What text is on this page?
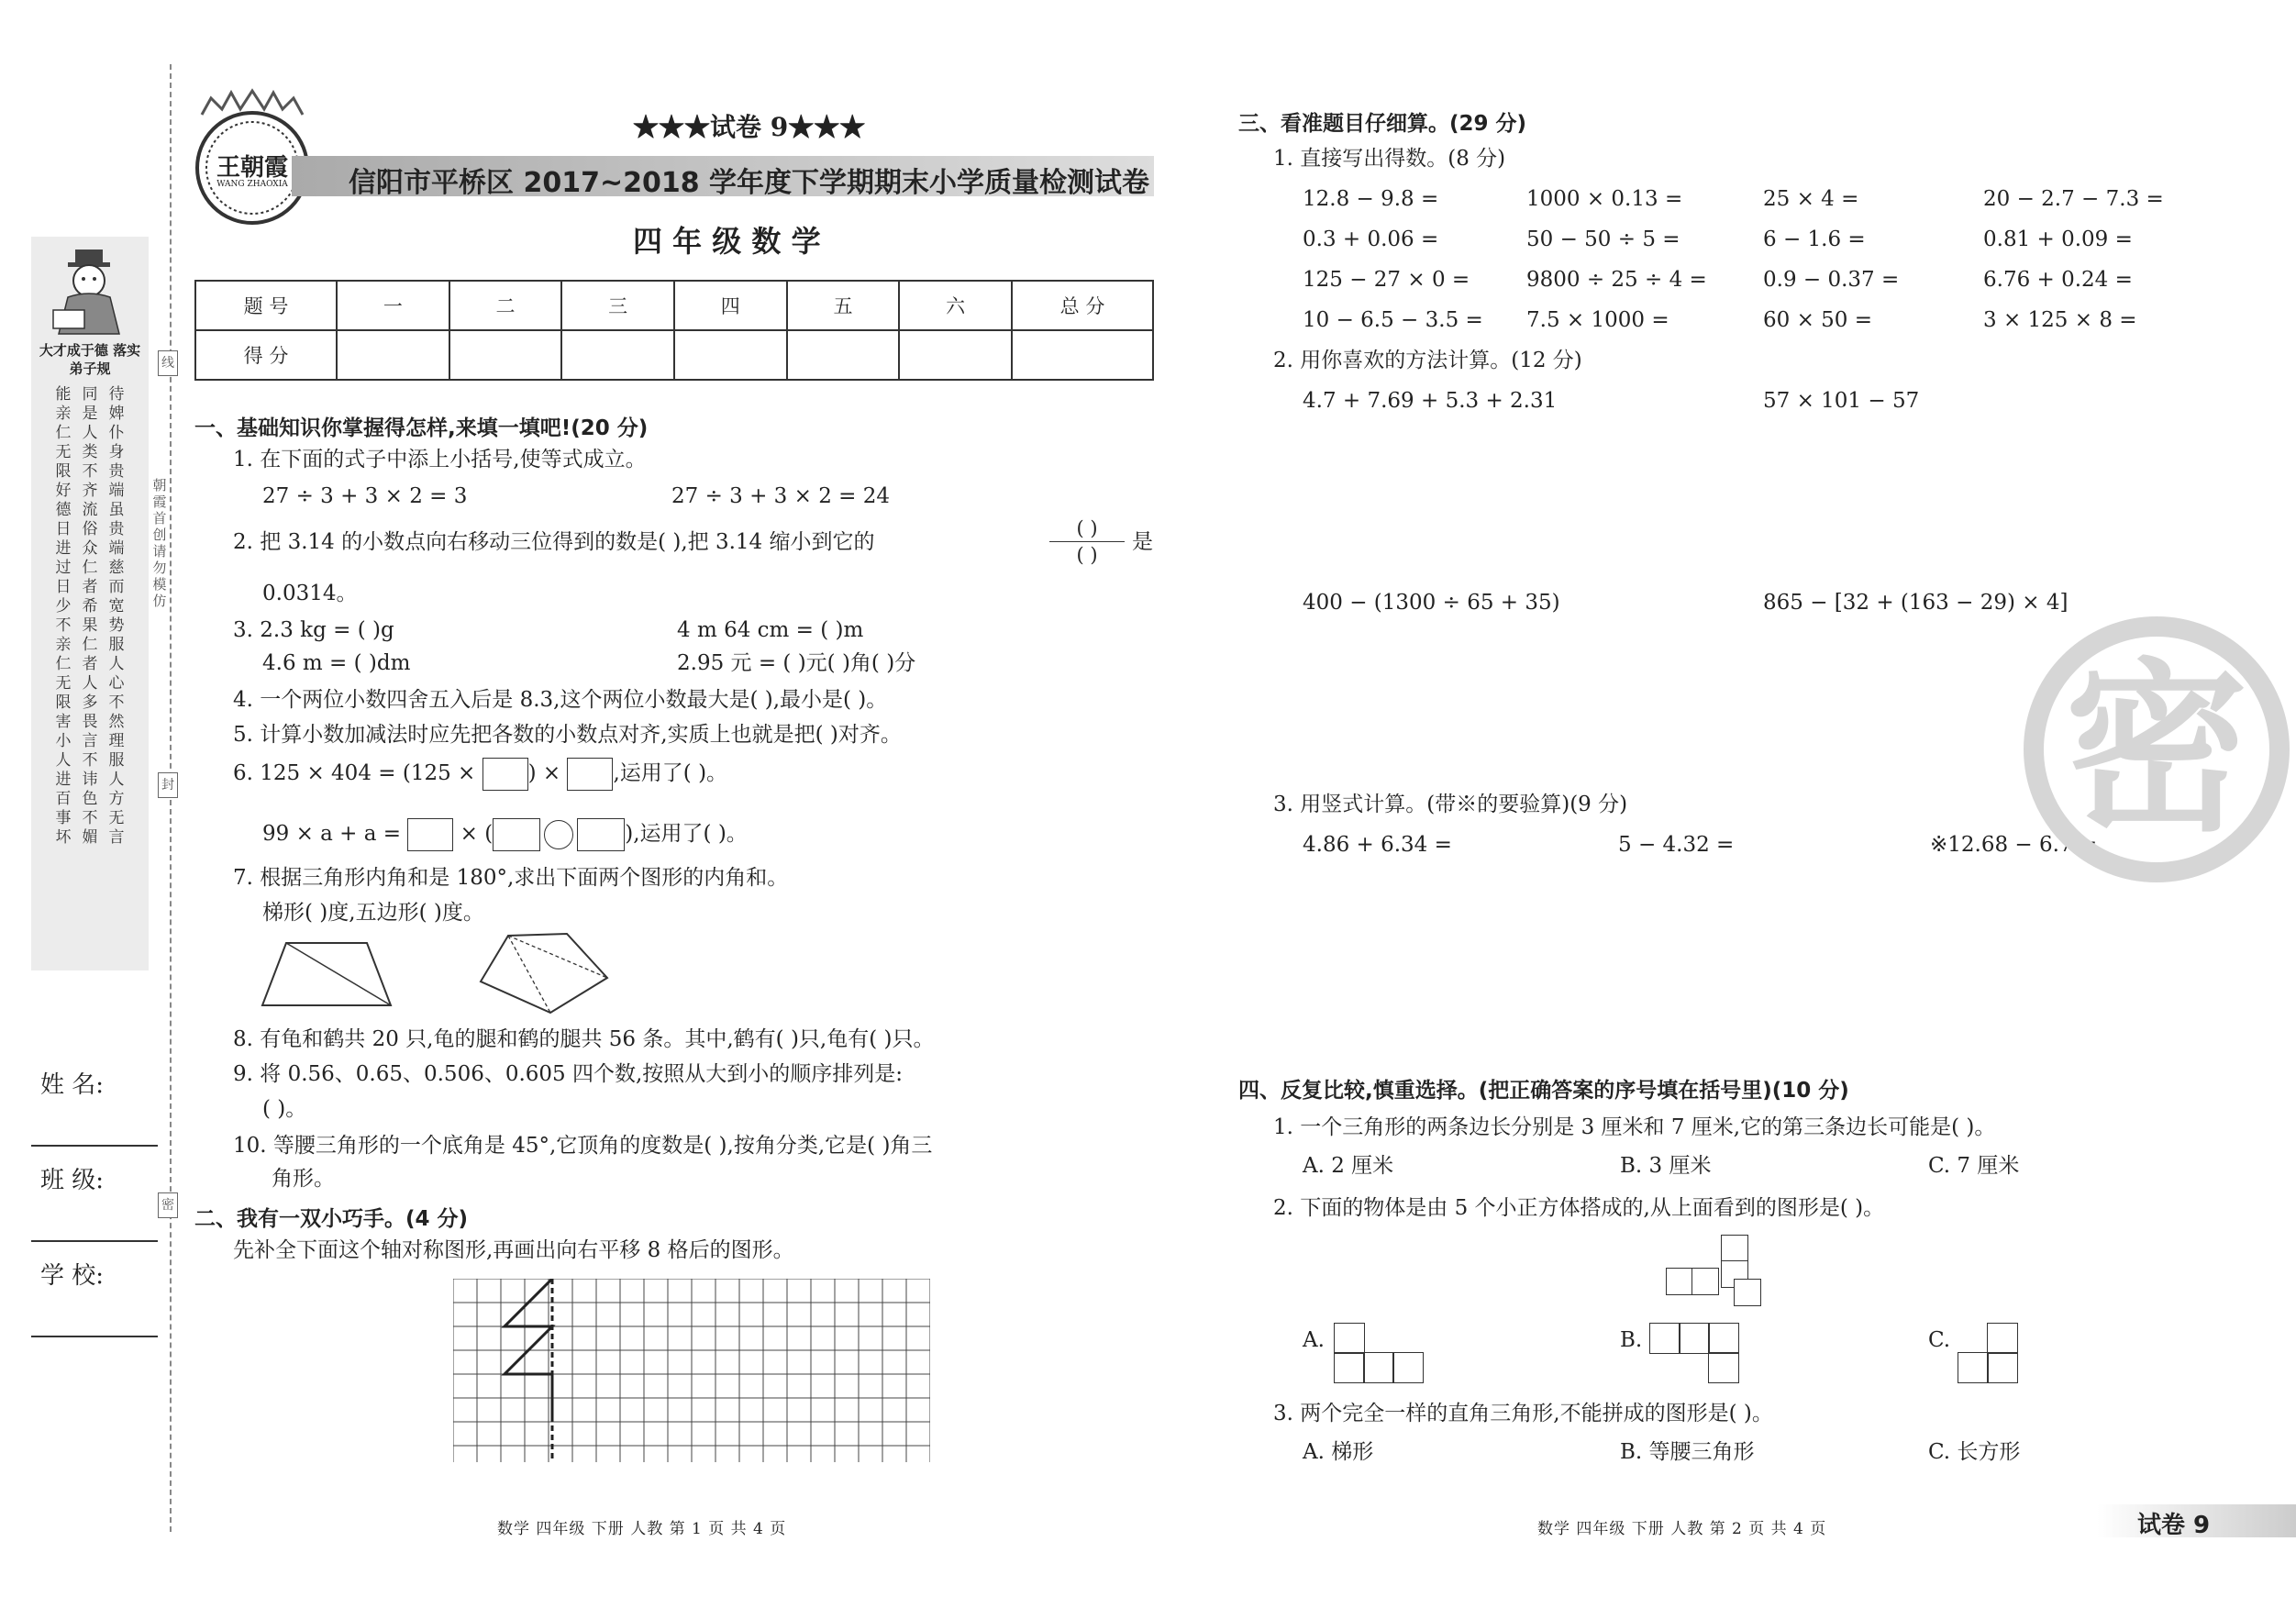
大才成于德 落实弟子规
能亲仁 无限好 德日进 过日少 不亲仁 无限害 小人进 百事坏
同是人 类不齐 流俗众 仁者希 果仁者 人多畏 言不讳 色不媚
待婢仆 身贵端 虽贵端 慈而宽 势服人 心不然 理服人 方无言
朝霞首创 请勿模仿
线
封
密
姓 名:
班 级:
学 校:
王朝霞
WANG ZHAOXIA
★★★试卷 9★★★
信阳市平桥区 2017~2018 学年度下学期期末小学质量检测试卷
四 年 级 数 学
题 号	一	二	三	四	五	六	总 分
得 分							
一、基础知识你掌握得怎样,来填一填吧!(20 分)
1. 在下面的式子中添上小括号,使等式成立。
27 ÷ 3 + 3 × 2 = 3	27 ÷ 3 + 3 × 2 = 24
2. 把 3.14 的小数点向右移动三位得到的数是( ),把 3.14 缩小到它的
( )
( )
是
0.0314。
3. 2.3 kg = ( )g	4 m 64 cm = ( )m
4.6 m = ( )dm	2.95 元 = ( )元( )角( )分
4. 一个两位小数四舍五入后是 8.3,这个两位小数最大是( ),最小是( )。
5. 计算小数加减法时应先把各数的小数点对齐,实质上也就是把( )对齐。
6. 125 × 404 = (125 × ) × ,运用了( )。
99 × a + a =  × (	),运用了( )。
7. 根据三角形内角和是 180°,求出下面两个图形的内角和。
梯形( )度,五边形( )度。
8. 有龟和鹤共 20 只,龟的腿和鹤的腿共 56 条。其中,鹤有( )只,龟有( )只。
9. 将 0.56、0.65、0.506、0.605 四个数,按照从大到小的顺序排列是:
( )。
10. 等腰三角形的一个底角是 45°,它顶角的度数是( ),按角分类,它是( )角三
角形。
二、我有一双小巧手。(4 分)
先补全下面这个轴对称图形,再画出向右平移 8 格后的图形。
三、看准题目仔细算。(29 分)
1. 直接写出得数。(8 分)
12.8 − 9.8 =	1000 × 0.13 =	25 × 4 =	20 − 2.7 − 7.3 =
0.3 + 0.06 =	50 − 50 ÷ 5 =	6 − 1.6 =	0.81 + 0.09 =
125 − 27 × 0 =	9800 ÷ 25 ÷ 4 =	0.9 − 0.37 =	6.76 + 0.24 =
10 − 6.5 − 3.5 = 7.5 × 1000 =	60 × 50 =	3 × 125 × 8 =
2. 用你喜欢的方法计算。(12 分)
4.7 + 7.69 + 5.3 + 2.31	57 × 101 − 57
400 − (1300 ÷ 65 + 35)	865 − [32 + (163 − 29) × 4]
3. 用竖式计算。(带※的要验算)(9 分)
4.86 + 6.34 =	5 − 4.32 =	※12.68 − 6.7 =
密
四、反复比较,慎重选择。(把正确答案的序号填在括号里)(10 分)
1. 一个三角形的两条边长分别是 3 厘米和 7 厘米,它的第三条边长可能是( )。
A. 2 厘米	B. 3 厘米	C. 7 厘米
2. 下面的物体是由 5 个小正方体搭成的,从上面看到的图形是( )。
A.	B.	C.
3. 两个完全一样的直角三角形,不能拼成的图形是( )。
A. 梯形	B. 等腰三角形	C. 长方形
数学 四年级 下册 人教 第 1 页 共 4 页	数学 四年级 下册 人教 第 2 页 共 4 页	试卷 9
